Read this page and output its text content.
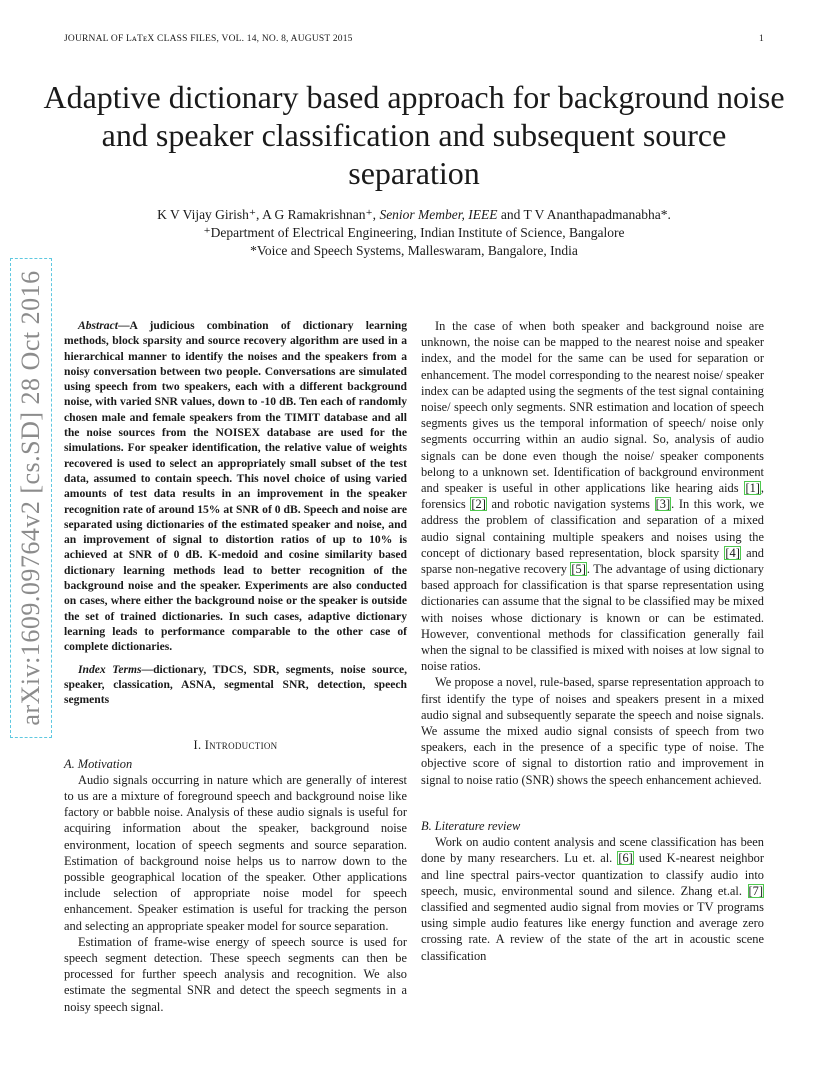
JOURNAL OF LᴀTᴇX CLASS FILES, VOL. 14, NO. 8, AUGUST 2015	1
Adaptive dictionary based approach for background noise and speaker classification and subsequent source separation
K V Vijay Girish⁺, A G Ramakrishnan⁺, Senior Member, IEEE and T V Ananthapadmanabha*.
⁺Department of Electrical Engineering, Indian Institute of Science, Bangalore
*Voice and Speech Systems, Malleswaram, Bangalore, India
arXiv:1609.09764v2 [cs.SD] 28 Oct 2016	Abstract—A judicious combination of dictionary learning methods, block sparsity and source recovery algorithm are used in a hierarchical manner to identify the noises and the speakers from a noisy conversation between two people. Conversations are simulated using speech from two speakers, each with a different background noise, with varied SNR values, down to -10 dB. Ten each of randomly chosen male and female speakers from the TIMIT database and all the noise sources from the NOISEX database are used for the simulations. For speaker identification, the relative value of weights recovered is used to select an appropriately small subset of the test data, assumed to contain speech. This novel choice of using varied amounts of test data results in an improvement in the speaker recognition rate of around 15% at SNR of 0 dB. Speech and noise are separated using dictionaries of the estimated speaker and noise, and an improvement of signal to distortion ratios of up to 10% is achieved at SNR of 0 dB. K-medoid and cosine similarity based dictionary learning methods lead to better recognition of the background noise and the speaker. Experiments are also conducted on cases, where either the background noise or the speaker is outside the set of trained dictionaries. In such cases, adaptive dictionary learning leads to performance comparable to the other case of complete dictionaries.

Index Terms—dictionary, TDCS, SDR, segments, noise source, speaker, classication, ASNA, segmental SNR, detection, speech segments

I. Introduction

A. Motivation

Audio signals occurring in nature which are generally of interest to us are a mixture of foreground speech and background noise like factory or babble noise. Analysis of these audio signals is useful for acquiring information about the speaker, background noise environment, location of speech segments and source separation. Estimation of background noise helps us to narrow down to the possible geographical location of the speaker. Other applications include selection of appropriate noise model for speech enhancement. Speaker estimation is useful for tracking the person and selecting an appropriate speaker model for source separation.

Estimation of frame-wise energy of speech source is used for speech segment detection. These speech segments can then be processed for further speech analysis and recognition. We also estimate the segmental SNR and detect the speech segments in a noisy speech signal.

In the case of when both speaker and background noise are unknown, the noise can be mapped to the nearest noise and speaker index, and the model for the same can be used for separation or enhancement. The model corresponding to the nearest noise/ speaker index can be adapted using the segments of the test signal containing noise/ speech only segments. SNR estimation and location of speech segments gives us the temporal information of speech/ noise only segments occurring within an audio signal. So, analysis of audio signals can be done even though the noise/ speaker components belong to a unknown set. Identification of background environment and speaker is useful in other applications like hearing aids [1], forensics [2] and robotic navigation systems [3]. In this work, we address the problem of classification and separation of a mixed audio signal containing multiple speakers and noises using the concept of dictionary based representation, block sparsity [4] and sparse non-negative recovery [5]. The advantage of using dictionary based approach for classification is that sparse representation using dictionaries can assume that the signal to be classified may be mixed with noises whose dictionary is known or can be estimated. However, conventional methods for classification generally fail when the signal to be classified is mixed with noises at low signal to noise ratios.

We propose a novel, rule-based, sparse representation approach to first identify the type of noises and speakers present in a mixed audio signal and subsequently separate the speech and noise signals. We assume the mixed audio signal consists of speech from two speakers, each in the presence of a specific type of noise. The objective score of signal to distortion ratio and improvement in signal to noise ratio (SNR) shows the speech enhancement achieved.

B. Literature review

Work on audio content analysis and scene classification has been done by many researchers. Lu et. al. [6] used K-nearest neighbor and line spectral pairs-vector quantization to classify audio into speech, music, environmental sound and silence. Zhang et.al. [7] classified and segmented audio signal from movies or TV programs using simple audio features like energy function and average zero crossing rate. A review of the state of the art in acoustic scene classification
